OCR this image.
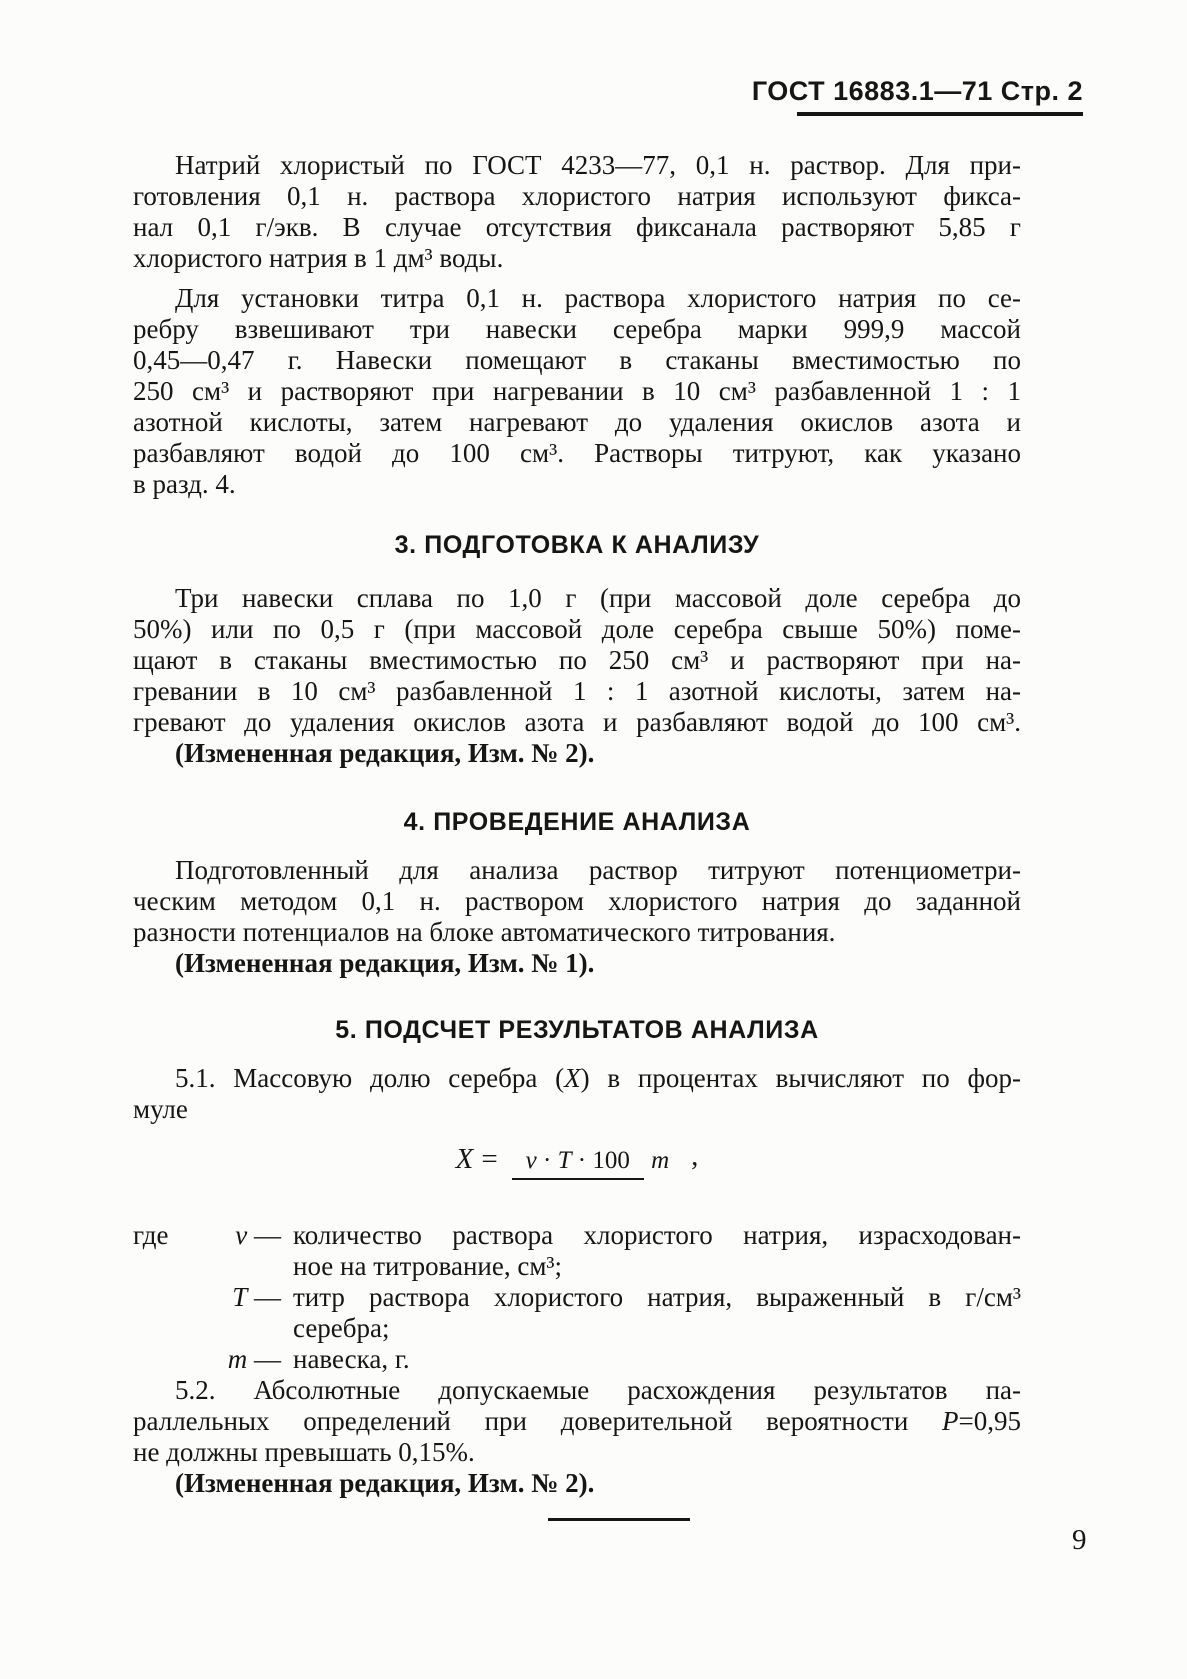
ГОСТ 16883.1—71 Стр. 2
Натрий хлористый по ГОСТ 4233—77, 0,1 н. раствор. Для при-
готовления 0,1 н. раствора хлористого натрия используют фикса-
нал 0,1 г/экв. В случае отсутствия фиксанала растворяют 5,85 г
хлористого натрия в 1 дм³ воды.
Для установки титра 0,1 н. раствора хлористого натрия по се-
ребру взвешивают три навески серебра марки 999,9 массой
0,45—0,47 г. Навески помещают в стаканы вместимостью по
250 см³ и растворяют при нагревании в 10 см³ разбавленной 1 : 1
азотной кислоты, затем нагревают до удаления окислов азота и
разбавляют водой до 100 см³. Растворы титруют, как указано
в разд. 4.
3. ПОДГОТОВКА К АНАЛИЗУ
Три навески сплава по 1,0 г (при массовой доле серебра до
50%) или по 0,5 г (при массовой доле серебра свыше 50%) поме-
щают в стаканы вместимостью по 250 см³ и растворяют при на-
гревании в 10 см³ разбавленной 1 : 1 азотной кислоты, затем на-
гревают до удаления окислов азота и разбавляют водой до 100 см³.
(Измененная редакция, Изм. № 2).
4. ПРОВЕДЕНИЕ АНАЛИЗА
Подготовленный для анализа раствор титруют потенциометри-
ческим методом 0,1 н. раствором хлористого натрия до заданной
разности потенциалов на блоке автоматического титрования.
(Измененная редакция, Изм. № 1).
5. ПОДСЧЕТ РЕЗУЛЬТАТОВ АНАЛИЗА
5.1. Массовую долю серебра (X) в процентах вычисляют по фор-
муле
X =	v · T · 100 m ,
где v — количество раствора хлористого натрия, израсходован-
ное на титрование, см³;
T — титр раствора хлористого натрия, выраженный в г/см³
серебра;
m — навеска, г.
5.2. Абсолютные допускаемые расхождения результатов па-
раллельных определений при доверительной вероятности P=0,95
не должны превышать 0,15%.
(Измененная редакция, Изм. № 2).
9
